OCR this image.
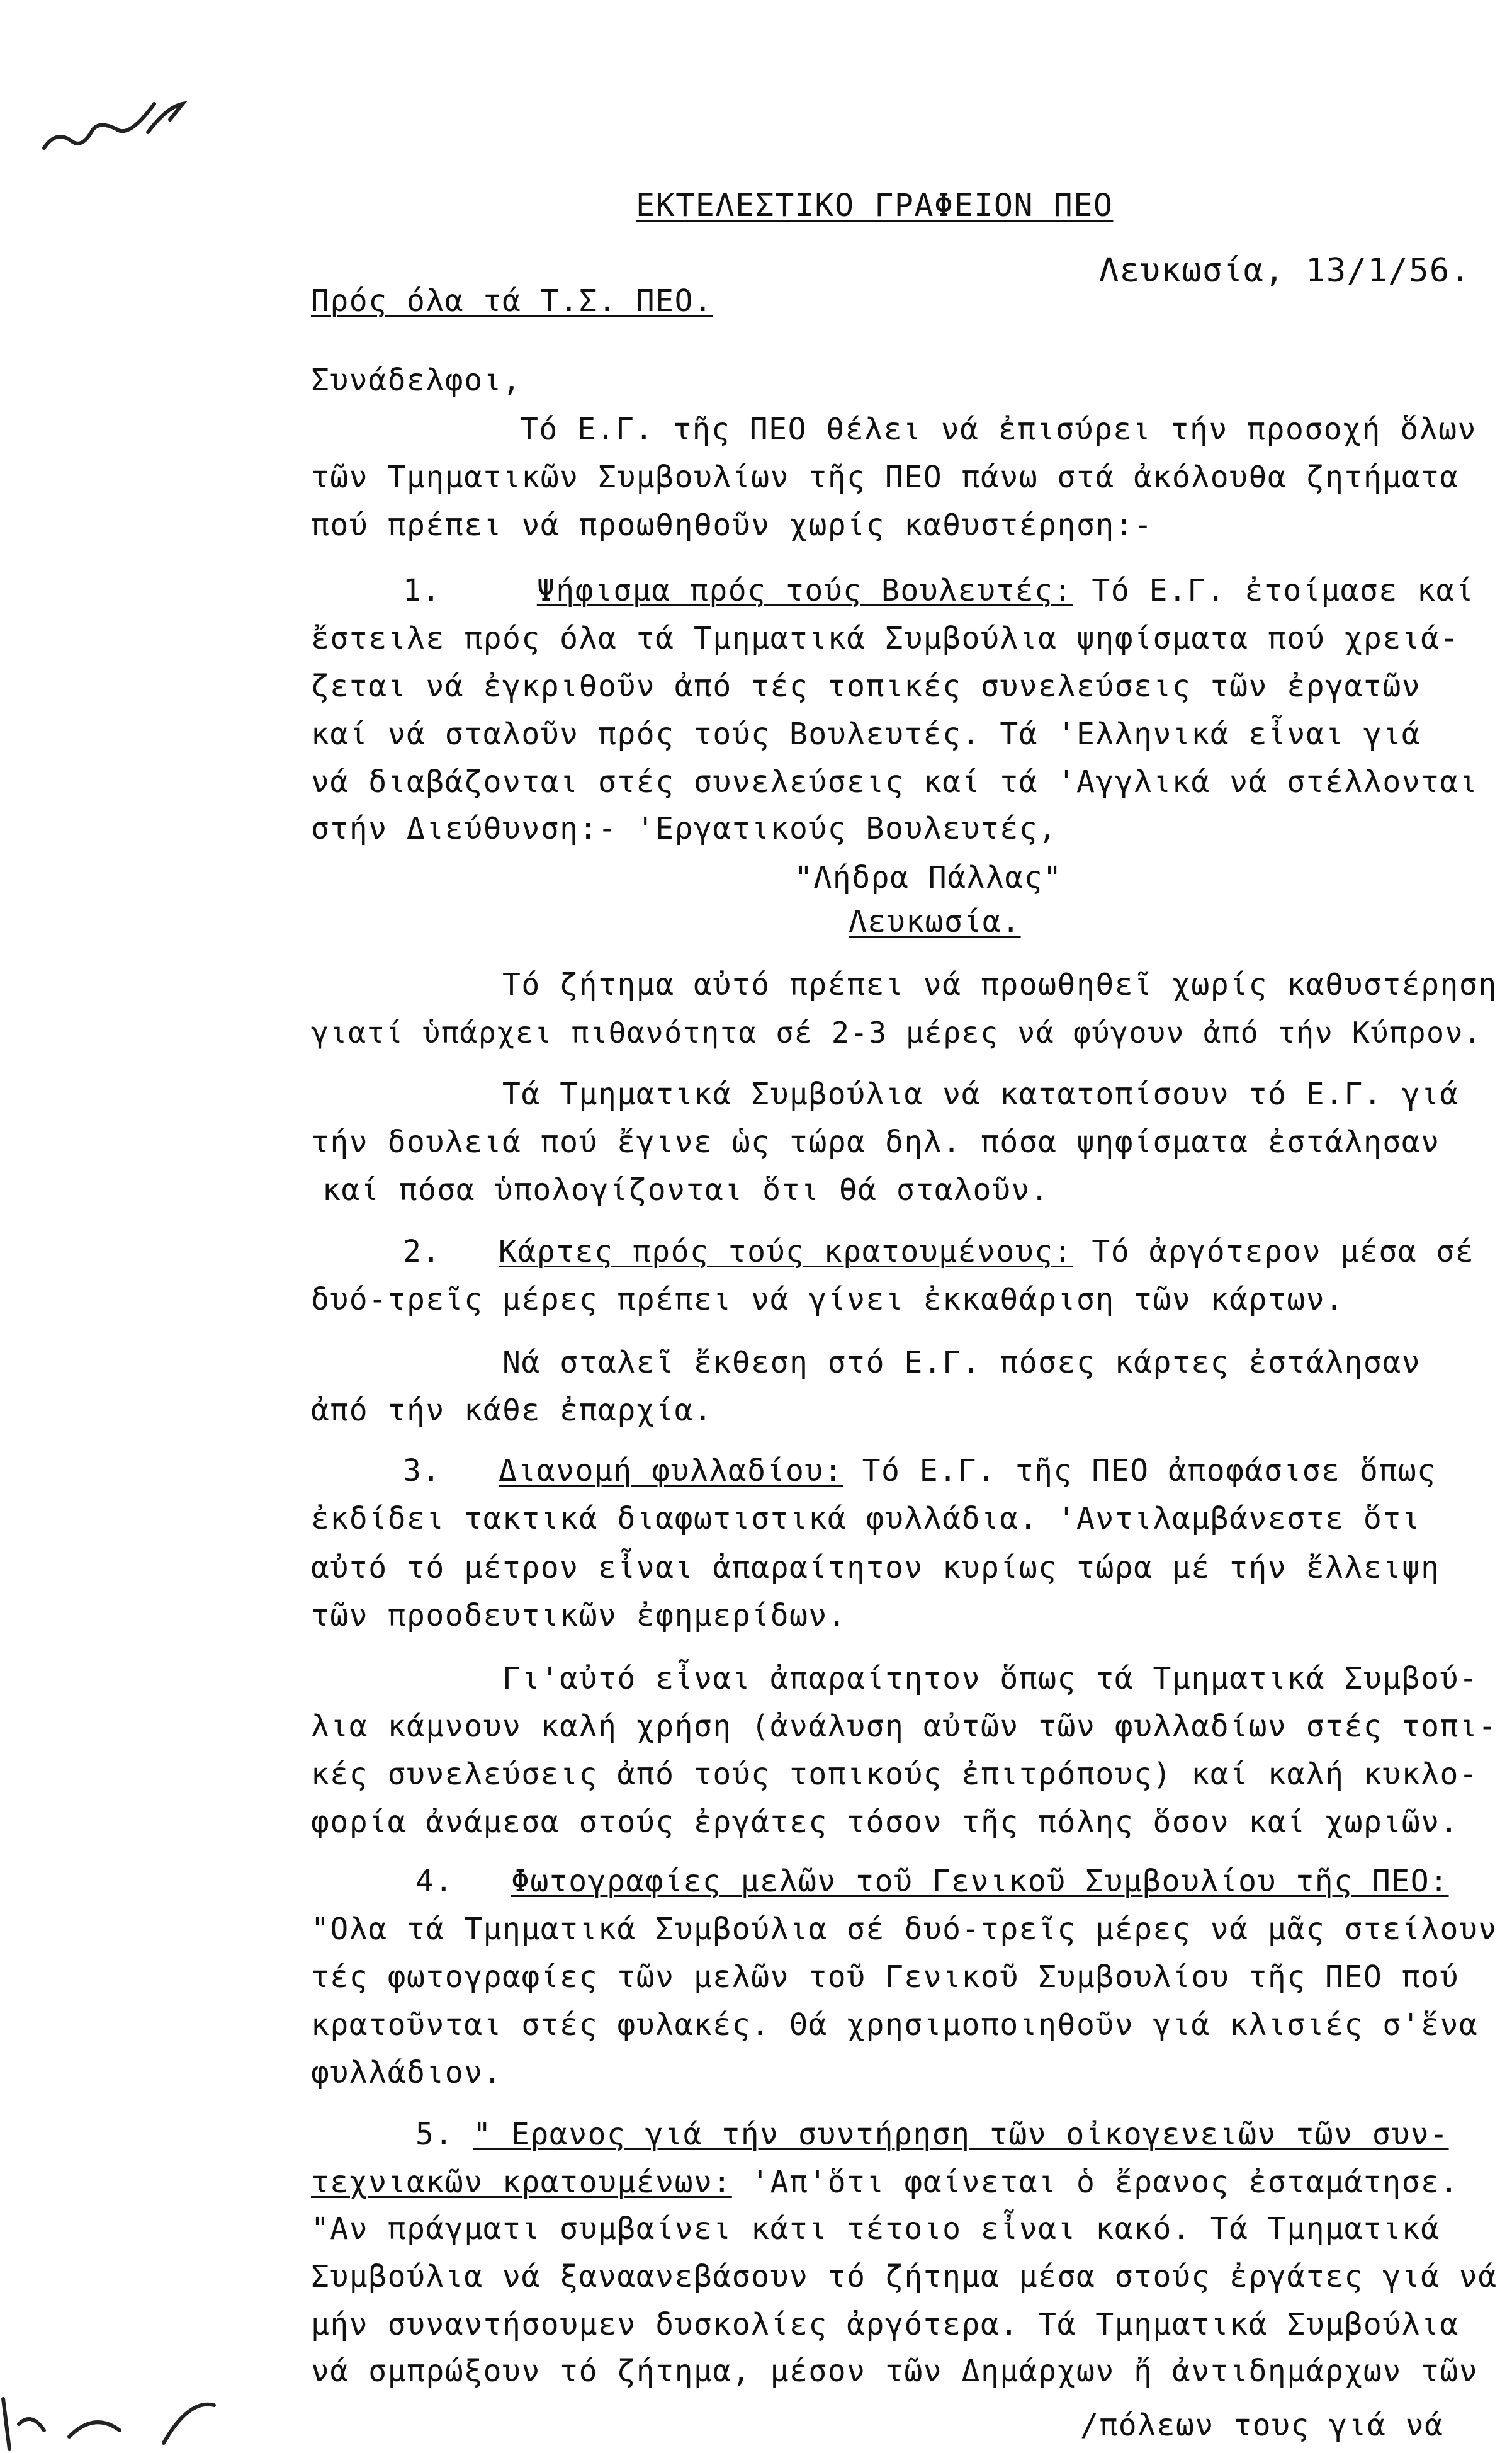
ΕΚΤΕΛΕΣΤΙΚΟ ΓΡΑΦΕΙΟΝ ΠΕΟ
Λευκωσία, 13/1/56.
Πρός όλα τά Τ.Σ. ΠΕΟ.
Συνάδελφοι,
Τό Ε.Γ. τῆς ΠΕΟ θέλει νά ἐπισύρει τήν προσοχή ὅλων
τῶν Τμηματικῶν Συμβουλίων τῆς ΠΕΟ πάνω στά ἀκόλουθα ζητήματα
πού πρέπει νά προωθηθοῦν χωρίς καθυστέρηση:-
1.	Ψήφισμα πρός τούς Βουλευτές: Τό Ε.Γ. ἐτοίμασε καί
ἔστειλε πρός όλα τά Τμηματικά Συμβούλια ψηφίσματα πού χρειά-
ζεται νά ἐγκριθοῦν ἀπό τές τοπικές συνελεύσεις τῶν ἐργατῶν
καί νά σταλοῦν πρός τούς Βουλευτές. Τά 'Ελληνικά εἶναι γιά
νά διαβάζονται στές συνελεύσεις καί τά 'Αγγλικά νά στέλλονται
στήν Διεύθυνση:- 'Εργατικούς Βουλευτές,
"Λήδρα Πάλλας"
Λευκωσία.
Τό ζήτημα αὐτό πρέπει νά προωθηθεῖ χωρίς καθυστέρηση
γιατί ὑπάρχει πιθανότητα σέ 2-3 μέρες νά φύγουν ἀπό τήν Κύπρον.
Τά Τμηματικά Συμβούλια νά κατατοπίσουν τό Ε.Γ. γιά
τήν δουλειά πού ἔγινε ὡς τώρα δηλ. πόσα ψηφίσματα ἐστάλησαν
καί πόσα ὑπολογίζονται ὅτι θά σταλοῦν.
2. Κάρτες πρός τούς κρατουμένους: Τό ἀργότερον μέσα σέ
δυό-τρεῖς μέρες πρέπει νά γίνει ἐκκαθάριση τῶν κάρτων.
Νά σταλεῖ ἔκθεση στό Ε.Γ. πόσες κάρτες ἐστάλησαν
ἀπό τήν κάθε ἐπαρχία.
3. Διανομή φυλλαδίου: Τό Ε.Γ. τῆς ΠΕΟ ἀποφάσισε ὅπως
ἐκδίδει τακτικά διαφωτιστικά φυλλάδια. 'Αντιλαμβάνεστε ὅτι
αὐτό τό μέτρον εἶναι ἀπαραίτητον κυρίως τώρα μέ τήν ἔλλειψη
τῶν προοδευτικῶν ἐφημερίδων.
Γι'αὐτό εἶναι ἀπαραίτητον ὅπως τά Τμηματικά Συμβού-
λια κάμνουν καλή χρήση (ἀνάλυση αὐτῶν τῶν φυλλαδίων στές τοπι-
κές συνελεύσεις ἀπό τούς τοπικούς ἐπιτρόπους) καί καλή κυκλο-
φορία ἀνάμεσα στούς ἐργάτες τόσον τῆς πόλης ὅσον καί χωριῶν.
4. Φωτογραφίες μελῶν τοῦ Γενικοῦ Συμβουλίου τῆς ΠΕΟ:
"Ολα τά Τμηματικά Συμβούλια σέ δυό-τρεῖς μέρες νά μᾶς στείλουν
τές φωτογραφίες τῶν μελῶν τοῦ Γενικοῦ Συμβουλίου τῆς ΠΕΟ πού
κρατοῦνται στές φυλακές. Θά χρησιμοποιηθοῦν γιά κλισιές σ'ἕνα
φυλλάδιον.
5. " Ερανος γιά τήν συντήρηση τῶν οἰκογενειῶν τῶν συν-
τεχνιακῶν κρατουμένων: 'Απ'ὅτι φαίνεται ὁ ἔρανος ἐσταμάτησε.
"Αν πράγματι συμβαίνει κάτι τέτοιο εἶναι κακό. Τά Τμηματικά
Συμβούλια νά ξαναανεβάσουν τό ζήτημα μέσα στούς ἐργάτες γιά νά
μήν συναντήσουμεν δυσκολίες ἀργότερα. Τά Τμηματικά Συμβούλια
νά σμπρώξουν τό ζήτημα, μέσον τῶν Δημάρχων ἤ ἀντιδημάρχων τῶν
/πόλεων τους γιά νά
